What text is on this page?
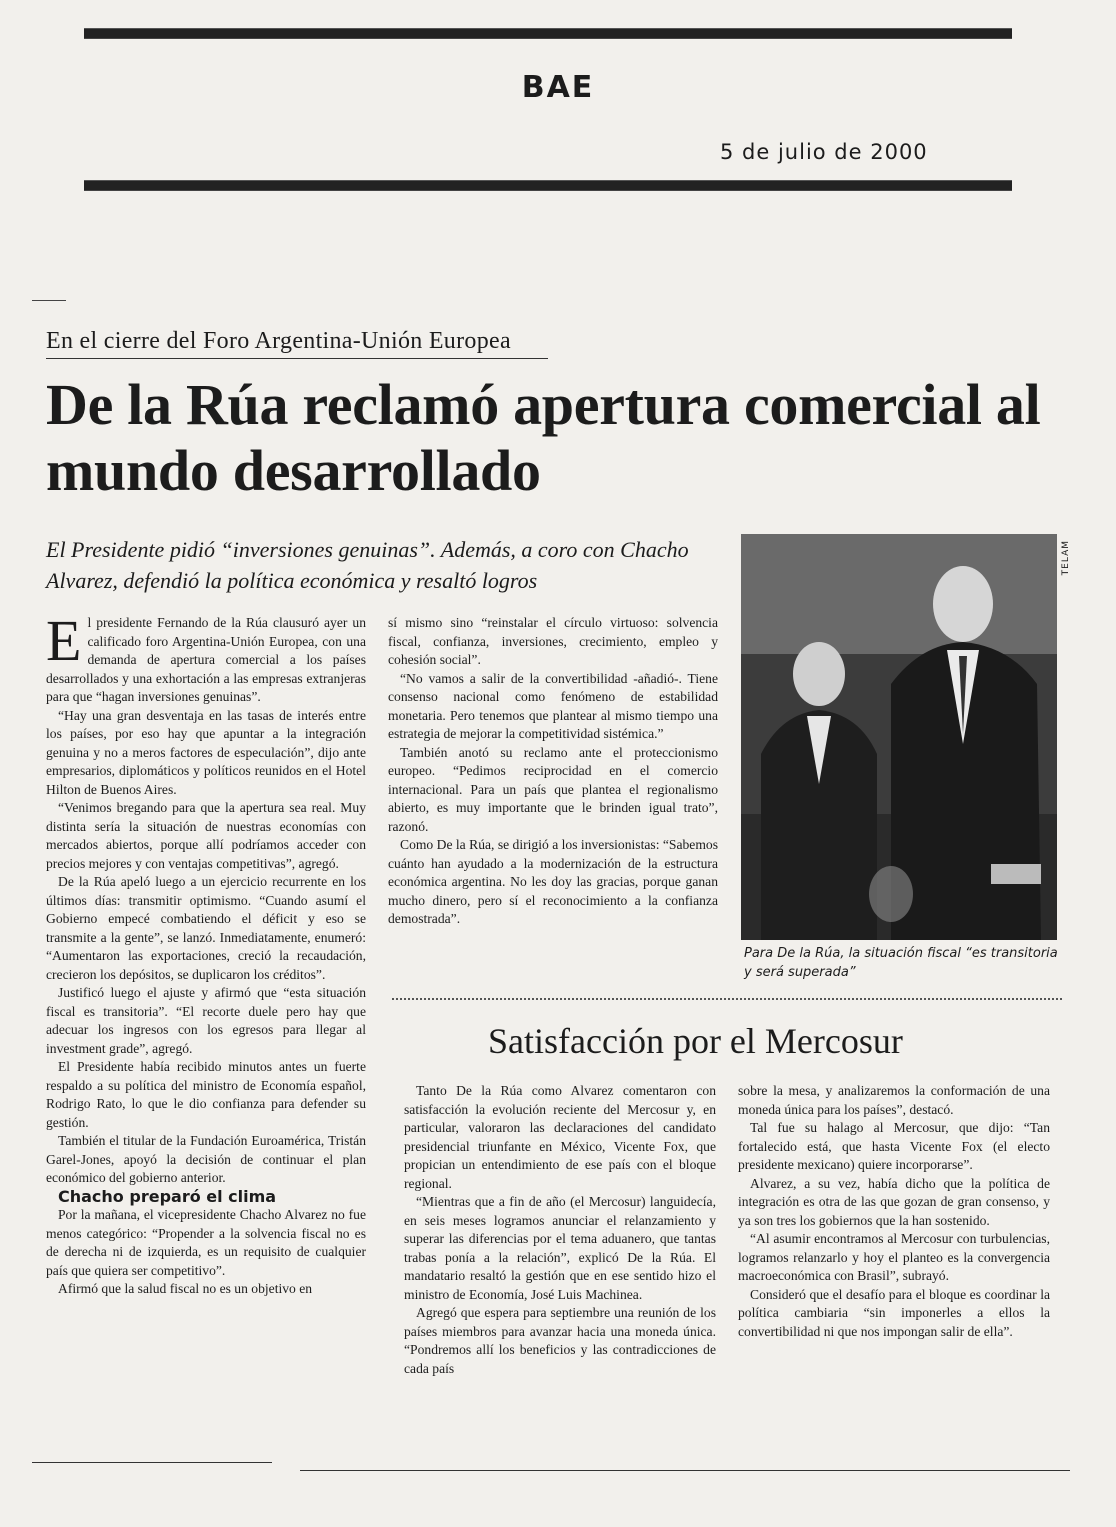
BAE
5 de julio de 2000
En el cierre del Foro Argentina-Unión Europea
De la Rúa reclamó apertura comercial al mundo desarrollado
El Presidente pidió “inversiones genuinas”. Además, a coro con Chacho Alvarez, defendió la política económica y resaltó logros
TELAM
Para De la Rúa, la situación fiscal “es transitoria y será superada”

El presidente Fernando de la Rúa clausuró ayer un calificado foro Argentina-Unión Europea, con una demanda de apertura comercial a los países desarrollados y una exhortación a las empresas extranjeras para que “hagan inversiones genuinas”.

“Hay una gran desventaja en las tasas de interés entre los países, por eso hay que apuntar a la integración genuina y no a meros factores de especulación”, dijo ante empresarios, diplomáticos y políticos reunidos en el Hotel Hilton de Buenos Aires.

“Venimos bregando para que la apertura sea real. Muy distinta sería la situación de nuestras economías con mercados abiertos, porque allí podríamos acceder con precios mejores y con ventajas competitivas”, agregó.

De la Rúa apeló luego a un ejercicio recurrente en los últimos días: transmitir optimismo. “Cuando asumí el Gobierno empecé combatiendo el déficit y eso se transmite a la gente”, se lanzó. Inmediatamente, enumeró: “Aumentaron las exportaciones, creció la recaudación, crecieron los depósitos, se duplicaron los créditos”.

Justificó luego el ajuste y afirmó que “esta situación fiscal es transitoria”. “El recorte duele pero hay que adecuar los ingresos con los egresos para llegar al investment grade”, agregó.

El Presidente había recibido minutos antes un fuerte respaldo a su política del ministro de Economía español, Rodrigo Rato, lo que le dio confianza para defender su gestión.

También el titular de la Fundación Euroamérica, Tristán Garel-Jones, apoyó la decisión de continuar el plan económico del gobierno anterior.

Chacho preparó el clima

Por la mañana, el vicepresidente Chacho Alvarez no fue menos categórico: “Propender a la solvencia fiscal no es de derecha ni de izquierda, es un requisito de cualquier país que quiera ser competitivo”.

Afirmó que la salud fiscal no es un objetivo en

sí mismo sino “reinstalar el círculo virtuoso: solvencia fiscal, confianza, inversiones, crecimiento, empleo y cohesión social”.

“No vamos a salir de la convertibilidad -añadió-. Tiene consenso nacional como fenómeno de estabilidad monetaria. Pero tenemos que plantear al mismo tiempo una estrategia de mejorar la competitividad sistémica.”

También anotó su reclamo ante el proteccionismo europeo. “Pedimos reciprocidad en el comercio internacional. Para un país que plantea el regionalismo abierto, es muy importante que le brinden igual trato”, razonó.

Como De la Rúa, se dirigió a los inversionistas: “Sabemos cuánto han ayudado a la modernización de la estructura económica argentina. No les doy las gracias, porque ganan mucho dinero, pero sí el reconocimiento a la confianza demostrada”.

Satisfacción por el Mercosur

Tanto De la Rúa como Alvarez comentaron con satisfacción la evolución reciente del Mercosur y, en particular, valoraron las declaraciones del candidato presidencial triunfante en México, Vicente Fox, que propician un entendimiento de ese país con el bloque regional.

“Mientras que a fin de año (el Mercosur) languidecía, en seis meses logramos anunciar el relanzamiento y superar las diferencias por el tema aduanero, que tantas trabas ponía a la relación”, explicó De la Rúa. El mandatario resaltó la gestión que en ese sentido hizo el ministro de Economía, José Luis Machinea.

Agregó que espera para septiembre una reunión de los países miembros para avanzar hacia una moneda única. “Pondremos allí los beneficios y las contradicciones de cada país

sobre la mesa, y analizaremos la conformación de una moneda única para los países”, destacó.

Tal fue su halago al Mercosur, que dijo: “Tan fortalecido está, que hasta Vicente Fox (el electo presidente mexicano) quiere incorporarse”.

Alvarez, a su vez, había dicho que la política de integración es otra de las que gozan de gran consenso, y ya son tres los gobiernos que la han sostenido.

“Al asumir encontramos al Mercosur con turbulencias, logramos relanzarlo y hoy el planteo es la convergencia macroeconómica con Brasil”, subrayó.

Consideró que el desafío para el bloque es coordinar la política cambiaria “sin imponerles a ellos la convertibilidad ni que nos impongan salir de ella”.
